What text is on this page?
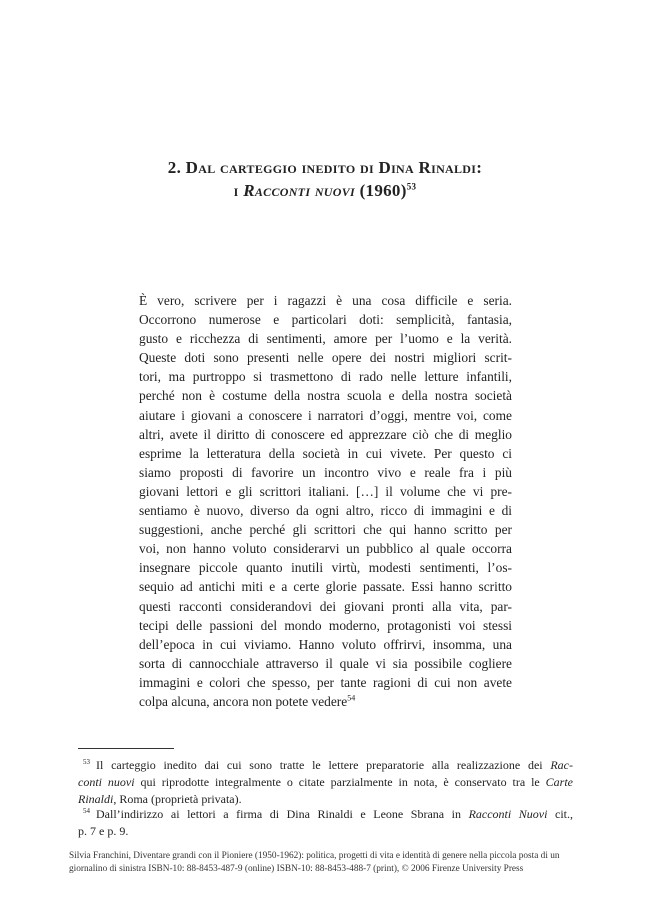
2. Dal carteggio inedito di Dina Rinaldi:
i Racconti nuovi $(1960)^{53}$
È vero, scrivere per i ragazzi è una cosa difficile e seria.
Occorrono numerose e particolari doti: semplicità, fantasia,
gusto e ricchezza di sentimenti, amore per l’uomo e la verità.
Queste doti sono presenti nelle opere dei nostri migliori scrit-
tori, ma purtroppo si trasmettono di rado nelle letture infantili,
perché non è costume della nostra scuola e della nostra società
aiutare i giovani a conoscere i narratori d’oggi, mentre voi, come
altri, avete il diritto di conoscere ed apprezzare ciò che di meglio
esprime la letteratura della società in cui vivete. Per questo ci
siamo proposti di favorire un incontro vivo e reale fra i più
giovani lettori e gli scrittori italiani. […] il volume che vi pre-
sentiamo è nuovo, diverso da ogni altro, ricco di immagini e di
suggestioni, anche perché gli scrittori che qui hanno scritto per
voi, non hanno voluto considerarvi un pubblico al quale occorra
insegnare piccole quanto inutili virtù, modesti sentimenti, l’os-
sequio ad antichi miti e a certe glorie passate. Essi hanno scritto
questi racconti considerandovi dei giovani pronti alla vita, par-
tecipi delle passioni del mondo moderno, protagonisti voi stessi
dell’epoca in cui viviamo. Hanno voluto offrirvi, insomma, una
sorta di cannocchiale attraverso il quale vi sia possibile cogliere
immagini e colori che spesso, per tante ragioni di cui non avete
colpa alcuna, ancora non potete vedere$^{54}$
$^{53}$ Il carteggio inedito dai cui sono tratte le lettere preparatorie alla realizzazione dei Rac-
conti nuovi qui riprodotte integralmente o citate parzialmente in nota, è conservato tra le Carte
Rinaldi, Roma (proprietà privata).
$^{54}$ Dall’indirizzo ai lettori a firma di Dina Rinaldi e Leone Sbrana in Racconti Nuovi cit.,
p. 7 e p. 9.
Silvia Franchini, Diventare grandi con il Pioniere (1950-1962): politica, progetti di vita e identità di genere nella piccola posta di un
giornalino di sinistra ISBN-10: 88-8453-487-9 (online) ISBN-10: 88-8453-488-7 (print), © 2006 Firenze University Press
